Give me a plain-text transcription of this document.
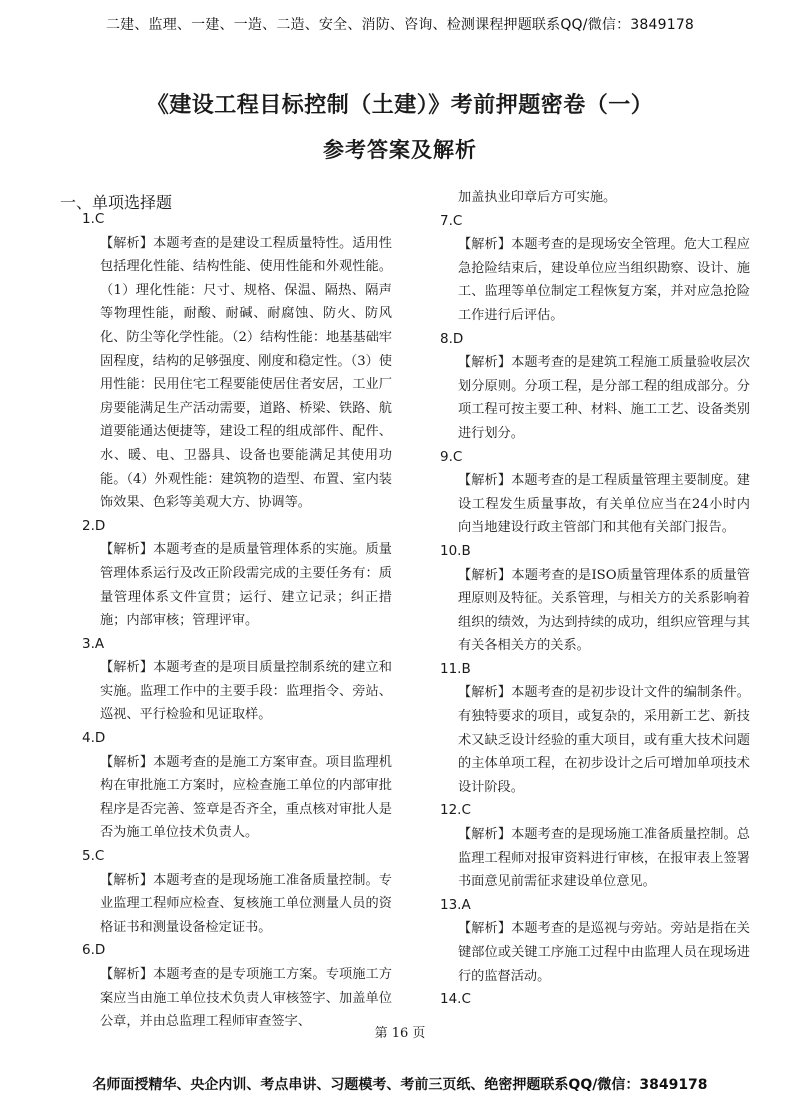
二建、监理、一建、一造、二造、安全、消防、咨询、检测课程押题联系QQ/微信：3849178
《建设工程目标控制（土建）》考前押题密卷（一）
参考答案及解析
一、单项选择题
1.C
【解析】本题考查的是建设工程质量特性。适用性包括理化性能、结构性能、使用性能和外观性能。（1）理化性能：尺寸、规格、保温、隔热、隔声等物理性能，耐酸、耐碱、耐腐蚀、防火、防风化、防尘等化学性能。（2）结构性能：地基基础牢固程度，结构的足够强度、刚度和稳定性。（3）使用性能：民用住宅工程要能使居住者安居，工业厂房要能满足生产活动需要，道路、桥梁、铁路、航道要能通达便捷等，建设工程的组成部件、配件、水、暖、电、卫器具、设备也要能满足其使用功能。（4）外观性能：建筑物的造型、布置、室内装饰效果、色彩等美观大方、协调等。
2.D
【解析】本题考查的是质量管理体系的实施。质量管理体系运行及改正阶段需完成的主要任务有：质量管理体系文件宣贯；运行、建立记录；纠正措施；内部审核；管理评审。
3.A
【解析】本题考查的是项目质量控制系统的建立和实施。监理工作中的主要手段：监理指令、旁站、巡视、平行检验和见证取样。
4.D
【解析】本题考查的是施工方案审查。项目监理机构在审批施工方案时，应检查施工单位的内部审批程序是否完善、签章是否齐全，重点核对审批人是否为施工单位技术负责人。
5.C
【解析】本题考查的是现场施工准备质量控制。专业监理工程师应检查、复核施工单位测量人员的资格证书和测量设备检定证书。
6.D
【解析】本题考查的是专项施工方案。专项施工方案应当由施工单位技术负责人审核签字、加盖单位公章，并由总监理工程师审查签字、
加盖执业印章后方可实施。
7.C
【解析】本题考查的是现场安全管理。危大工程应急抢险结束后，建设单位应当组织勘察、设计、施工、监理等单位制定工程恢复方案，并对应急抢险工作进行后评估。
8.D
【解析】本题考查的是建筑工程施工质量验收层次划分原则。分项工程，是分部工程的组成部分。分项工程可按主要工种、材料、施工工艺、设备类别进行划分。
9.C
【解析】本题考查的是工程质量管理主要制度。建设工程发生质量事故，有关单位应当在24小时内向当地建设行政主管部门和其他有关部门报告。
10.B
【解析】本题考查的是ISO质量管理体系的质量管理原则及特征。关系管理，与相关方的关系影响着组织的绩效，为达到持续的成功，组织应管理与其有关各相关方的关系。
11.B
【解析】本题考查的是初步设计文件的编制条件。有独特要求的项目，或复杂的，采用新工艺、新技术又缺乏设计经验的重大项目，或有重大技术问题的主体单项工程，在初步设计之后可增加单项技术设计阶段。
12.C
【解析】本题考查的是现场施工准备质量控制。总监理工程师对报审资料进行审核，在报审表上签署书面意见前需征求建设单位意见。
13.A
【解析】本题考查的是巡视与旁站。旁站是指在关键部位或关键工序施工过程中由监理人员在现场进行的监督活动。
14.C
第 16 页
名师面授精华、央企内训、考点串讲、习题模考、考前三页纸、绝密押题联系QQ/微信：3849178
